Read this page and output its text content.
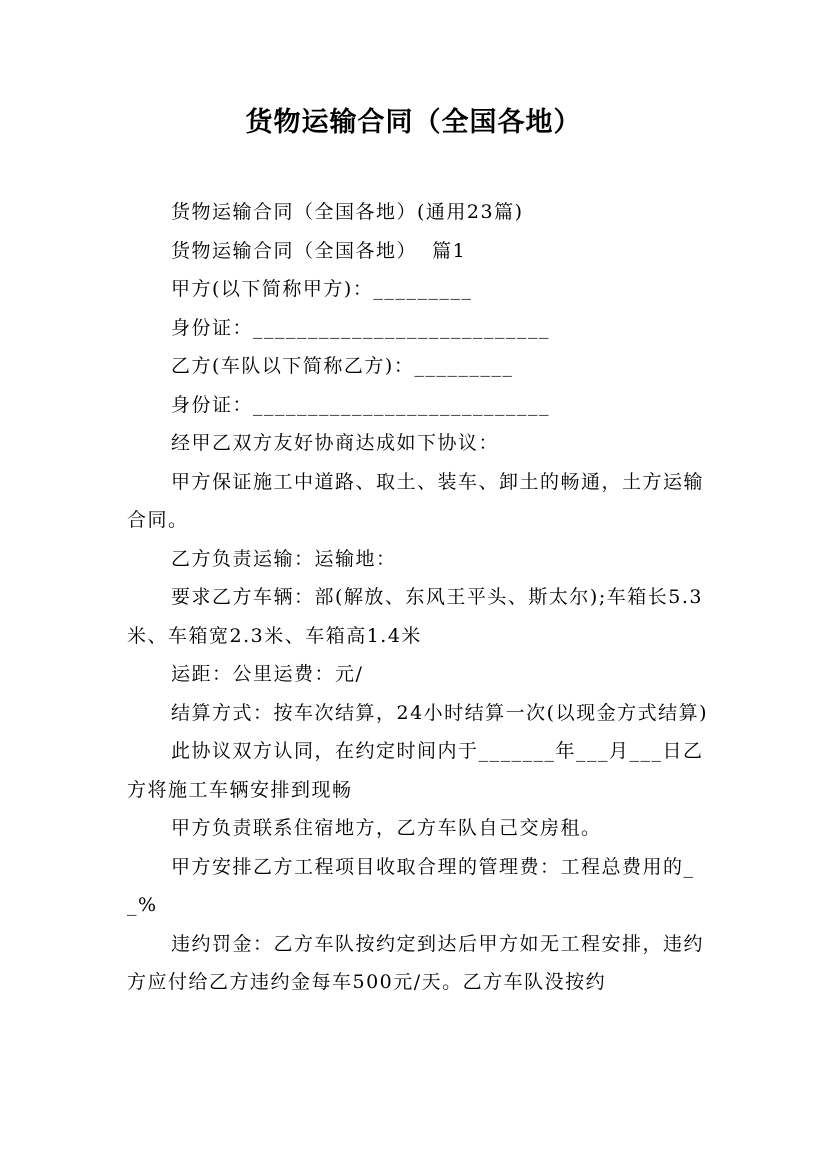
货物运输合同（全国各地）

货物运输合同（全国各地）(通用23篇)

货物运输合同（全国各地）  篇1

甲方(以下简称甲方)：_________

身份证：___________________________

乙方(车队以下简称乙方)：_________

身份证：___________________________

经甲乙双方友好协商达成如下协议：

甲方保证施工中道路、取土、装车、卸土的畅通，土方运输合同。

乙方负责运输：运输地：

要求乙方车辆：部(解放、东风王平头、斯太尔);车箱长5.3米、车箱宽2.3米、车箱高1.4米

运距：公里运费：元/

结算方式：按车次结算，24小时结算一次(以现金方式结算)

此协议双方认同，在约定时间内于_______年___月___日乙方将施工车辆安排到现畅

甲方负责联系住宿地方，乙方车队自己交房租。

甲方安排乙方工程项目收取合理的管理费：工程总费用的__%

违约罚金：乙方车队按约定到达后甲方如无工程安排，违约方应付给乙方违约金每车500元/天。乙方车队没按约
